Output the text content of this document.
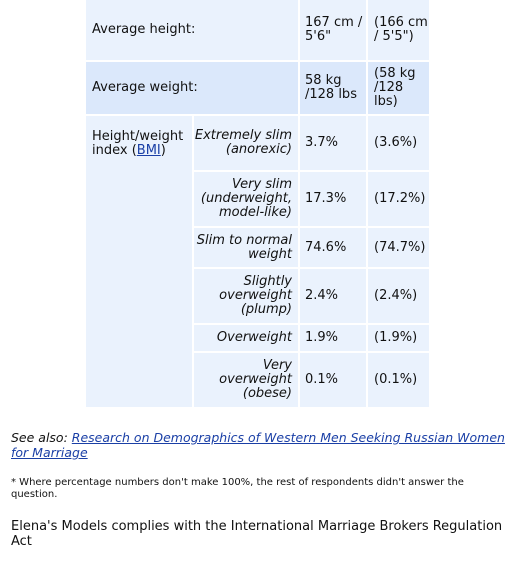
Average height:		167 cm / 5'6"	(166 cm / 5'5")
Average weight:		58 kg /128 lbs	(58 kg /128 lbs)
Height/weight index (BMI)	Extremely slim (anorexic)	3.7%	(3.6%)
	Very slim (underweight, model-like)	17.3%	(17.2%)
	Slim to normal weight	74.6%	(74.7%)
	Slightly overweight (plump)	2.4%	(2.4%)
	Overweight	1.9%	(1.9%)
	Very overweight (obese)	0.1%	(0.1%)
See also: Research on Demographics of Western Men Seeking Russian Women for Marriage
* Where percentage numbers don't make 100%, the rest of respondents didn't answer the question.
Elena's Models complies with the International Marriage Brokers Regulation Act
